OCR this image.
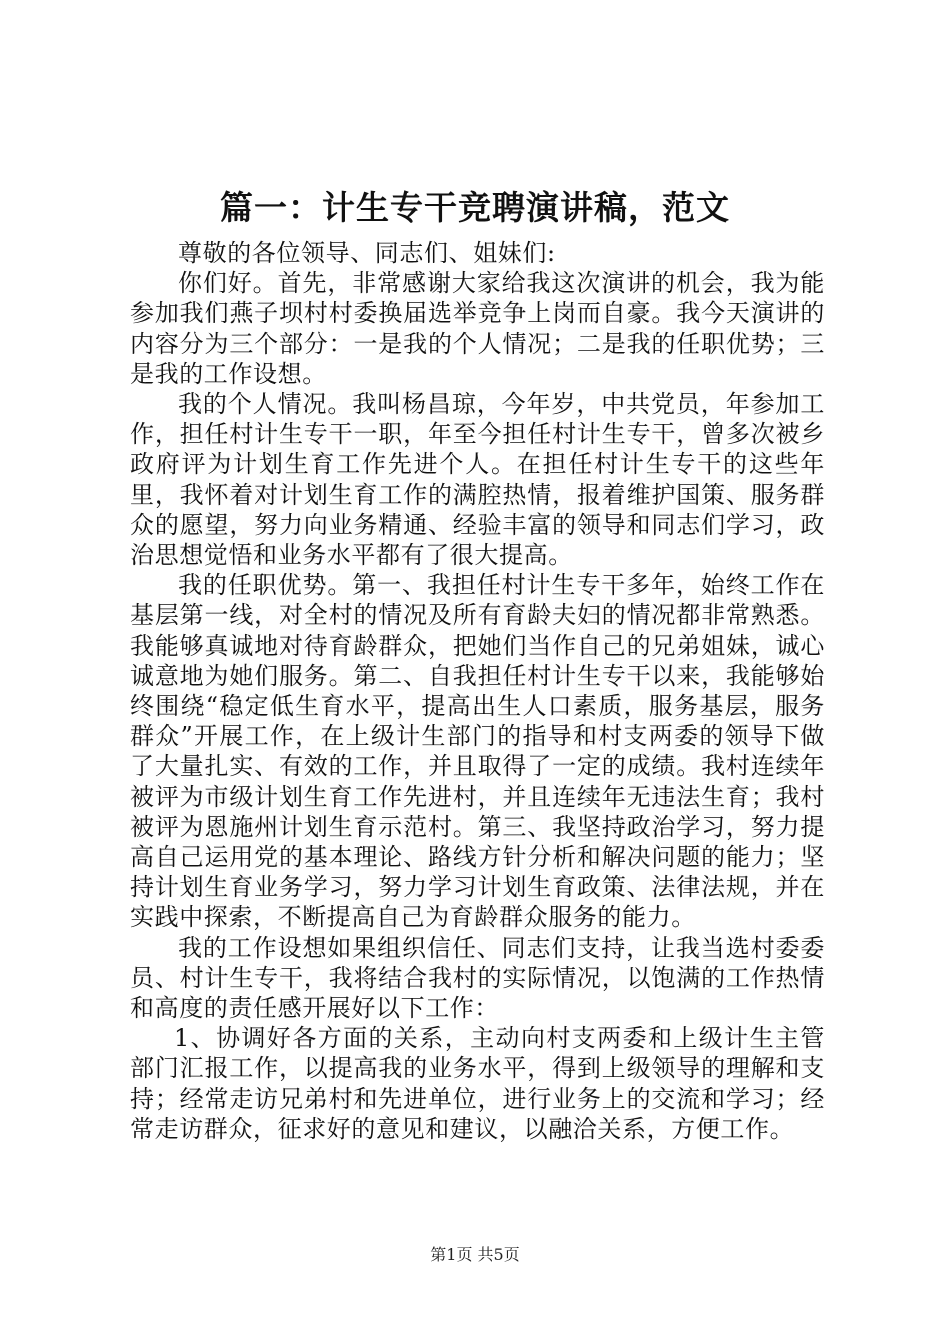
篇一：计生专干竞聘演讲稿，范文

尊敬的各位领导、同志们、姐妹们:

你们好。首先，非常感谢大家给我这次演讲的机会，我为能参加我们燕子坝村村委换届选举竞争上岗而自豪。我今天演讲的内容分为三个部分：一是我的个人情况；二是我的任职优势；三是我的工作设想。

我的个人情况。我叫杨昌琼，今年岁，中共党员，年参加工作，担任村计生专干一职，年至今担任村计生专干，曾多次被乡政府评为计划生育工作先进个人。在担任村计生专干的这些年里，我怀着对计划生育工作的满腔热情，报着维护国策、服务群众的愿望，努力向业务精通、经验丰富的领导和同志们学习，政治思想觉悟和业务水平都有了很大提高。

我的任职优势。第一、我担任村计生专干多年，始终工作在基层第一线，对全村的情况及所有育龄夫妇的情况都非常熟悉。我能够真诚地对待育龄群众，把她们当作自己的兄弟姐妹，诚心诚意地为她们服务。第二、自我担任村计生专干以来，我能够始终围绕“稳定低生育水平，提高出生人口素质，服务基层，服务群众”开展工作，在上级计生部门的指导和村支两委的领导下做了大量扎实、有效的工作，并且取得了一定的成绩。我村连续年被评为市级计划生育工作先进村，并且连续年无违法生育；我村被评为恩施州计划生育示范村。第三、我坚持政治学习，努力提高自己运用党的基本理论、路线方针分析和解决问题的能力；坚持计划生育业务学习，努力学习计划生育政策、法律法规，并在实践中探索，不断提高自己为育龄群众服务的能力。

我的工作设想如果组织信任、同志们支持，让我当选村委委员、村计生专干，我将结合我村的实际情况，以饱满的工作热情和高度的责任感开展好以下工作：

1、协调好各方面的关系，主动向村支两委和上级计生主管部门汇报工作，以提高我的业务水平，得到上级领导的理解和支持；经常走访兄弟村和先进单位，进行业务上的交流和学习；经常走访群众，征求好的意见和建议，以融洽关系，方便工作。

第1页 共5页
